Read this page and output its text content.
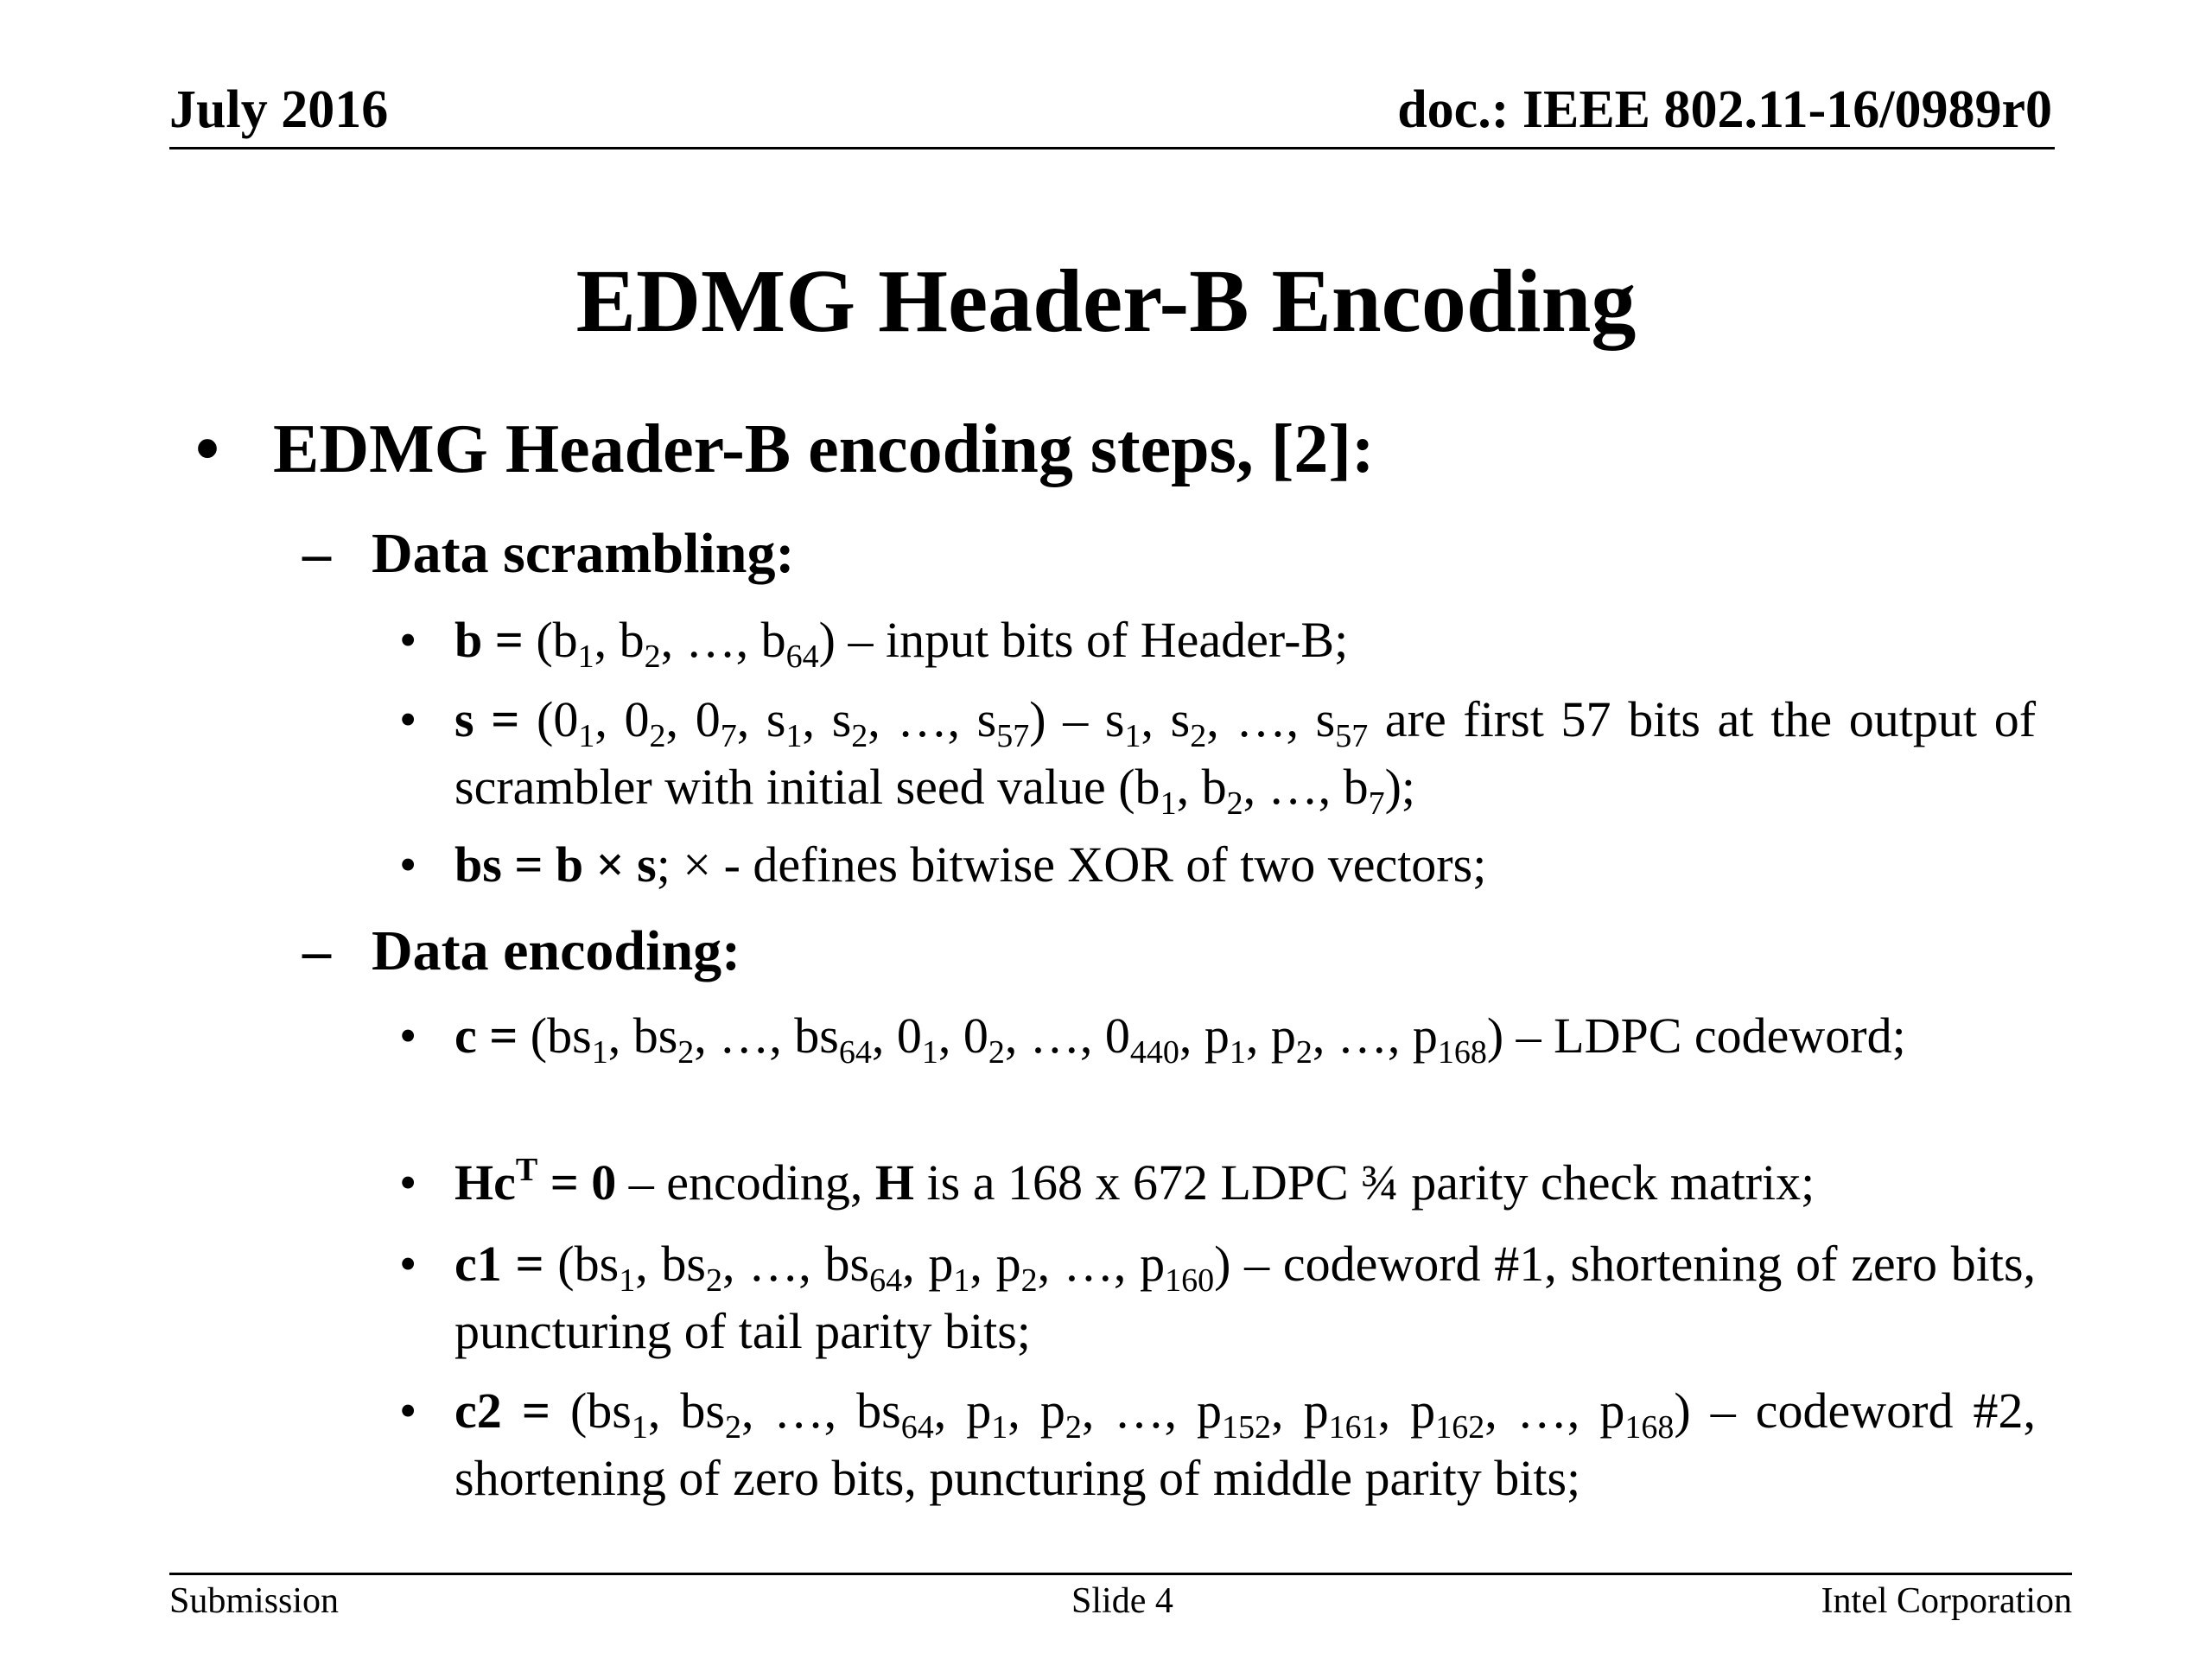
July 2016	doc.: IEEE 802.11-16/0989r0
EDMG Header-B Encoding
• EDMG Header-B encoding steps, [2]:
– Data scrambling:
• $b = (b_1$, $b_2$, …, $b_{64}$) – input bits of Header-B;
• $s = (0_1$, $0_2$, $0_7$, $s_1$, $s_2$, …, $s_{57}) - s_1$, $s_2$, …, $s_{57}$ are first 57 bits at the output of scrambler with initial seed value ($b_1$, $b_2$, …, $b_7$);
• bs = b × s; × - defines bitwise XOR of two vectors;
– Data encoding:
• $c = (bs_1$, $bs_2$, …, $bs_{64}$, $0_1$, $0_2$, …, $0_{440}$, $p_1$, $p_2$, …, $p_{168}$) – LDPC codeword;
• $Hc^T = 0$ – encoding, H is a 168 x 672 LDPC ¾ parity check matrix;
• $c1 = (bs_1$, $bs_2$, …, $bs_{64}$, $p_1$, $p_2$, …, $p_{160}$) – codeword #1, shortening of zero bits, puncturing of tail parity bits;
• $c2 = (bs_1$, $bs_2$, …, $bs_{64}$, $p_1$, $p_2$, …, $p_{152}$, $p_{161}$, $p_{162}$, …, $p_{168}$) – codeword #2, shortening of zero bits, puncturing of middle parity bits;
Submission	Slide 4	Intel Corporation
